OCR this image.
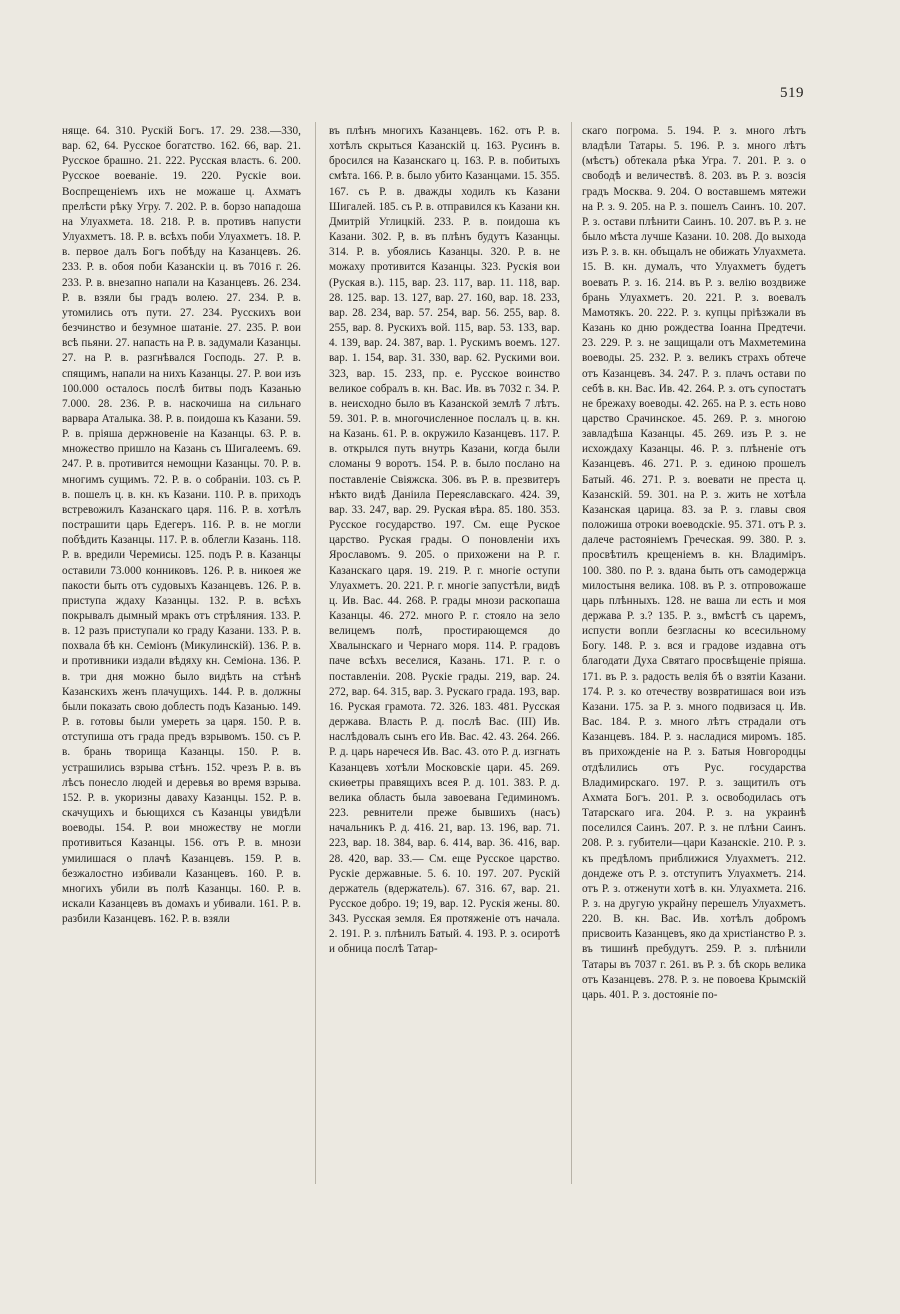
519
няще. 64. 310. Рускій Богъ. 17. 29. 238.—330, вар. 62, 64. Русское богатство. 162. 66, вар. 21. Русское брашно. 21. 222. Русская власть. 6. 200. Русское воеваніе. 19. 220. Рускіе вои. Воспрещеніемъ ихъ не можаше ц. Ахматъ прелѣсти рѣку Угру. 7. 202. Р. в. борзо нападоша на Улуахмета. 18. 218. Р. в. противъ напусти Улуахметъ. 18. Р. в. всѣхъ поби Улуахметъ. 18. Р. в. первое далъ Богъ побѣду на Казанцевъ. 26. 233. Р. в. обоя поби Казанскіи ц. въ 7016 г. 26. 233. Р. в. внезапно напали на Казанцевъ. 26. 234. Р. в. взяли бы градъ волею. 27. 234. Р. в. утомились отъ пути. 27. 234. Русскихъ вои безчинство и безумное шатаніе. 27. 235. Р. вои всѣ пьяни. 27. напасть на Р. в. задумали Казанцы. 27. на Р. в. разгнѣвался Господь. 27. Р. в. спящимъ, напали на нихъ Казанцы. 27. Р. вои изъ 100.000 осталось послѣ битвы подъ Казанью 7.000. 28. 236. Р. в. наскочиша на сильнаго варвара Аталыка. 38. Р. в. поидоша къ Казани. 59. Р. в. пріяша держновеніе на Казанцы. 63. Р. в. множество пришло на Казань съ Шигалеемъ. 69. 247. Р. в. противится немощни Казанцы. 70. Р. в. многимъ сущимъ. 72. Р. в. о собраніи. 103. съ Р. в. пошелъ ц. в. кн. къ Казани. 110. Р. в. приходъ встревожилъ Казанскаго царя. 116. Р. в. хотѣлъ пострашити царь Едегеръ. 116. Р. в. не могли побѣдить Казанцы. 117. Р. в. облегли Казань. 118. Р. в. вредили Черемисы. 125. подъ Р. в. Казанцы оставили 73.000 конниковъ. 126. Р. в. никоея же пакости быть отъ судовыхъ Казанцевъ. 126. Р. в. приступа ждаху Казанцы. 132. Р. в. всѣхъ покрывалъ дымный мракъ отъ стрѣляния. 133. Р. в. 12 разъ приступали ко граду Казани. 133. Р. в. похвала бѣ кн. Семіонъ (Микулинскій). 136. Р. в. и противники издали вѣдяху кн. Семіона. 136. Р. в. три дня можно было видѣть на стѣнѣ Казанскихъ женъ плачущихъ. 144. Р. в. должны были показать свою доблесть подъ Казанью. 149. Р. в. готовы были умереть за царя. 150. Р. в. отступиша отъ града предъ взрывомъ. 150. съ Р. в. брань творища Казанцы. 150. Р. в. устрашились взрыва стѣнъ. 152. чрезъ Р. в. въ лѣсъ понесло людей и деревья во время взрыва. 152. Р. в. укоризны даваху Казанцы. 152. Р. в. скачущихъ и бьющихся съ Казанцы увидѣли воеводы. 154. Р. вои множеству не могли противиться Казанцы. 156. отъ Р. в. мнози умилишася о плачѣ Казанцевъ. 159. Р. в. безжалостно избивали Казанцевъ. 160. Р. в. многихъ убили въ полѣ Казанцы. 160. Р. в. искали Казанцевъ въ домахъ и убивали. 161. Р. в. разбили Казанцевъ. 162. Р. в. взяли
въ плѣнъ многихъ Казанцевъ. 162. отъ Р. в. хотѣлъ скрыться Казанскій ц. 163. Русинъ в. бросился на Казанскаго ц. 163. Р. в. побитыхъ смѣта. 166. Р. в. было убито Казанцами. 15. 355. 167. съ Р. в. дважды ходилъ къ Казани Шигалей. 185. съ Р. в. отправился къ Казани кн. Дмитрій Углицкій. 233. Р. в. поидоша къ Казани. 302. Р, в. въ плѣнъ будутъ Казанцы. 314. Р. в. убоялись Казанцы. 320. Р. в. не можаху противится Казанцы. 323. Рускія вои (Руская в.). 115, вар. 23. 117, вар. 11. 118, вар. 28. 125. вар. 13. 127, вар. 27. 160, вар. 18. 233, вар. 28. 234, вар. 57. 254, вар. 56. 255, вар. 8. 255, вар. 8. Рускихъ вой. 115, вар. 53. 133, вар. 4. 139, вар. 24. 387, вар. 1. Рускимъ воемъ. 127. вар. 1. 154, вар. 31. 330, вар. 62. Рускими вои. 323, вар. 15. 233, пр. е. Русское воинство великое собралъ в. кн. Вас. Ив. въ 7032 г. 34. Р. в. неисходно было въ Казанской землѣ 7 лѣтъ. 59. 301. Р. в. многочисленное послалъ ц. в. кн. на Казань. 61. Р. в. окружило Казанцевъ. 117. Р. в. открылся путь внутрь Казани, когда были сломаны 9 воротъ. 154. Р. в. было послано на поставленіе Свіяжска. 306. въ Р. в. презвитеръ нѣкто видѣ Даніила Переяславскаго. 424. 39, вар. 33. 247, вар. 29. Руская вѣра. 85. 180. 353. Русское государство. 197. См. еще Руское царство. Руская грады. О поновленіи ихъ Ярославомъ. 9. 205. о прихожени на Р. г. Казанскаго царя. 19. 219. Р. г. многіе оступи Улуахметъ. 20. 221. Р. г. многіе запустѣли, видѣ ц. Ив. Вас. 44. 268. Р. грады мнози раскопаша Казанцы. 46. 272. много Р. г. стояло на зело велицемъ полѣ, простирающемся до Хвалынскаго и Чернаго моря. 114. Р. градовъ паче всѣхъ веселися, Казань. 171. Р. г. о поставленіи. 208. Рускіе грады. 219, вар. 24. 272, вар. 64. 315, вар. 3. Рускаго града. 193, вар. 16. Руская грамота. 72. 326. 183. 481. Русская держава. Власть Р. д. послѣ Вас. (III) Ив. наслѣдовалъ сынъ его Ив. Вас. 42. 43. 264. 266. Р. д. царь наречеся Ив. Вас. 43. ото Р. д. изгнать Казанцевъ хотѣли Московскіе цари. 45. 269. скиѳетры правящихъ всея Р. д. 101. 383. Р. д. велика область была завоевана Гедиминомъ. 223. ревнители преже бывшихъ (насъ) начальникъ Р. д. 416. 21, вар. 13. 196, вар. 71. 223, вар. 18. 384, вар. 6. 414, вар. 36. 416, вар. 28. 420, вар. 33.— См. еще Русское царство. Рускіе державные. 5. 6. 10. 197. 207. Рускій держатель (вдержатель). 67. 316. 67, вар. 21. Русское добро. 19; 19, вар. 12. Рускія жены. 80. 343. Русская земля. Ея протяженіе отъ начала. 2. 191. Р. з. плѣнилъ Батый. 4. 193. Р. з. осиротѣ и обница послѣ Татар-
скаго погрома. 5. 194. Р. з. много лѣтъ владѣли Татары. 5. 196. Р. з. много лѣтъ (мѣстъ) обтекала рѣка Угра. 7. 201. Р. з. о свободѣ и величествѣ. 8. 203. въ Р. з. возсія градъ Москва. 9. 204. О воставшемъ мятежи на Р. з. 9. 205. на Р. з. пошелъ Саинъ. 10. 207. Р. з. остави плѣнити Саинъ. 10. 207. въ Р. з. не было мѣста лучше Казани. 10. 208. До выхода изъ Р. з. в. кн. объщалъ не обижать Улуахмета. 15. В. кн. думалъ, что Улуахметъ будетъ воевать Р. з. 16. 214. въ Р. з. велію воздвиже брань Улуахметъ. 20. 221. Р. з. воевалъ Мамотякъ. 20. 222. Р. з. купцы пріѣзжали въ Казань ко дню рождества Іоанна Предтечи. 23. 229. Р. з. не защищали отъ Махметемина воеводы. 25. 232. Р. з. великъ страхъ обтече отъ Казанцевъ. 34. 247. Р. з. плачъ остави по себѣ в. кн. Вас. Ив. 42. 264. Р. з. отъ супостатъ не брежаху воеводы. 42. 265. на Р. з. есть ново царство Срачинское. 45. 269. Р. з. многою завладѣша Казанцы. 45. 269. изъ Р. з. не исхождаху Казанцы. 46. Р. з. плѣненіе отъ Казанцевъ. 46. 271. Р. з. единою прошелъ Батый. 46. 271. Р. з. воевати не преста ц. Казанскій. 59. 301. на Р. з. жить не хотѣла Казанская царица. 83. за Р. з. главы своя положиша отроки воеводскіе. 95. 371. отъ Р. з. далече растояніемъ Греческая. 99. 380. Р. з. просвѣтилъ крещеніемъ в. кн. Владиміръ. 100. 380. по Р. з. вдана быть отъ самодержца милостыня велика. 108. въ Р. з. отпровожаше царь плѣнныхъ. 128. не ваша ли есть и моя держава Р. з.? 135. Р. з., вмѣстѣ съ царемъ, испусти вопли безгласны ко всесильному Богу. 148. Р. з. вся и градове издавна отъ благодати Духа Святаго просвѣщеніе пріяша. 171. въ Р. з. радость велія бѣ о взятіи Казани. 174. Р. з. ко отечеству возвратишася вои изъ Казани. 175. за Р. з. много подвизася ц. Ив. Вас. 184. Р. з. много лѣтъ страдали отъ Казанцевъ. 184. Р. з. насладися миромъ. 185. въ прихожденіе на Р. з. Батыя Новгородцы отдѣлились отъ Рус. государства Владимирскаго. 197. Р. з. защитилъ отъ Ахмата Богъ. 201. Р. з. освободилась отъ Татарскаго ига. 204. Р. з. на украинѣ поселился Саинъ. 207. Р. з. не плѣни Саинъ. 208. Р. з. губители—цари Казанскіе. 210. Р. з. къ предѣломъ приближися Улуахметъ. 212. дондеже отъ Р. з. отступитъ Улуахметъ. 214. отъ Р. з. отженути хотѣ в. кн. Улуахмета. 216. Р. з. на другую украйну перешелъ Улуахметъ. 220. В. кн. Вас. Ив. хотѣлъ добромъ присвоить Казанцевъ, яко да христіанство Р. з. въ тишинѣ пребудутъ. 259. Р. з. плѣнили Татары въ 7037 г. 261. въ Р. з. бѣ скорь велика отъ Казанцевъ. 278. Р. з. не повоева Крымскій царь. 401. Р. з. достояніе по-
